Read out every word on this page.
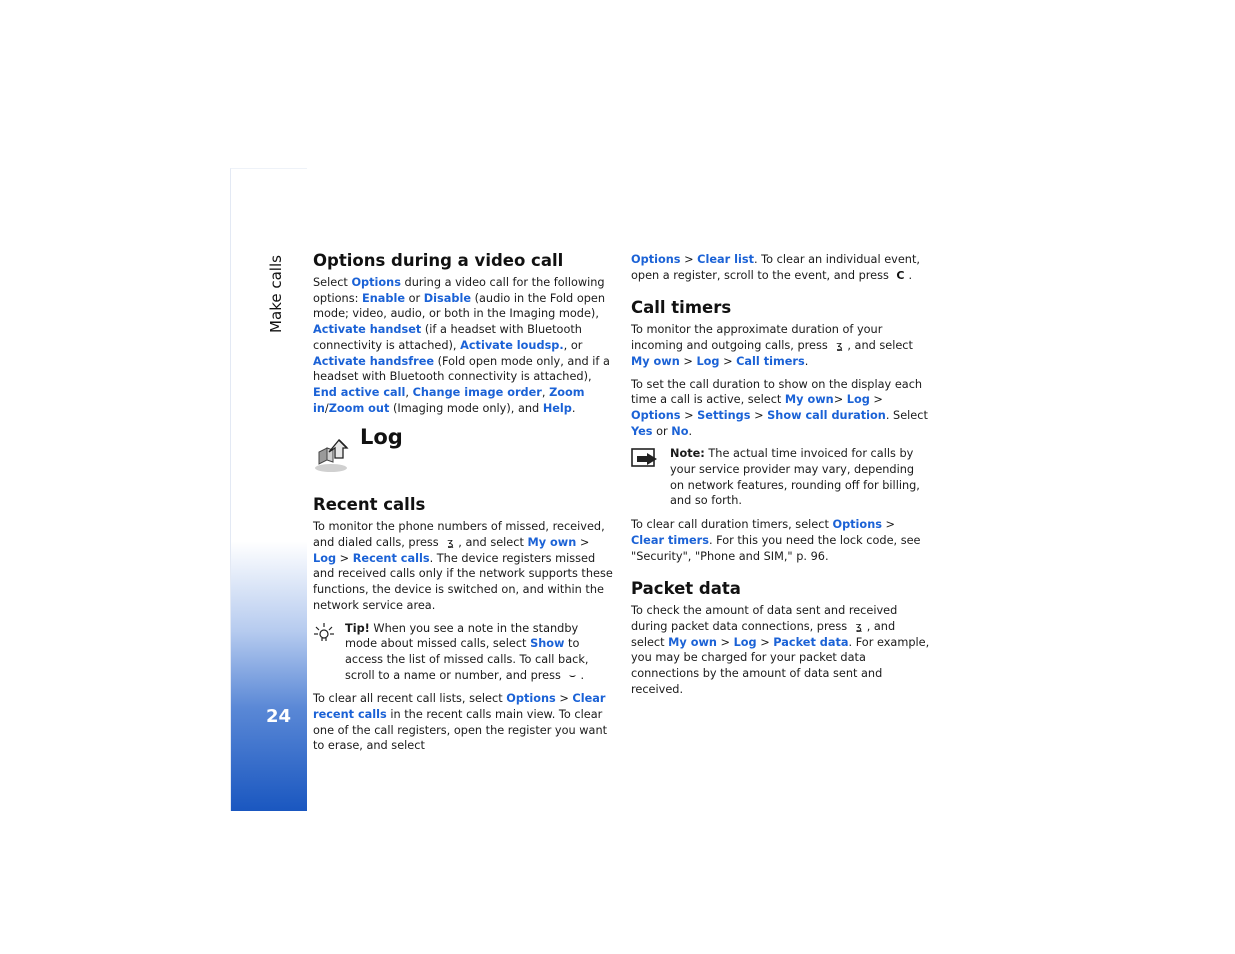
Make calls
24
Options during a video call

Select Options during a video call for the following options: Enable or Disable (audio in the Fold open mode; video, audio, or both in the Imaging mode), Activate handset (if a headset with Bluetooth connectivity is attached), Activate loudsp., or Activate handsfree (Fold open mode only, and if a headset with Bluetooth connectivity is attached), End active call, Change image order, Zoom in/Zoom out (Imaging mode only), and Help.

Log
Recent calls

To monitor the phone numbers of missed, received, and dialed calls, press ʓ , and select My own > Log > Recent calls. The device registers missed and received calls only if the network supports these functions, the device is switched on, and within the network service area.

Tip! When you see a note in the standby mode about missed calls, select Show to access the list of missed calls. To call back, scroll to a name or number, and press ⌣ .

To clear all recent call lists, select Options > Clear recent calls in the recent calls main view. To clear one of the call registers, open the register you want to erase, and select

Options > Clear list. To clear an individual event, open a register, scroll to the event, and press C .

Call timers

To monitor the approximate duration of your incoming and outgoing calls, press ʓ , and select My own > Log > Call timers.

To set the call duration to show on the display each time a call is active, select My own> Log > Options > Settings > Show call duration. Select Yes or No.

Note: The actual time invoiced for calls by your service provider may vary, depending on network features, rounding off for billing, and so forth.

To clear call duration timers, select Options > Clear timers. For this you need the lock code, see "Security", "Phone and SIM," p. 96.

Packet data

To check the amount of data sent and received during packet data connections, press ʓ , and select My own > Log > Packet data. For example, you may be charged for your packet data connections by the amount of data sent and received.
